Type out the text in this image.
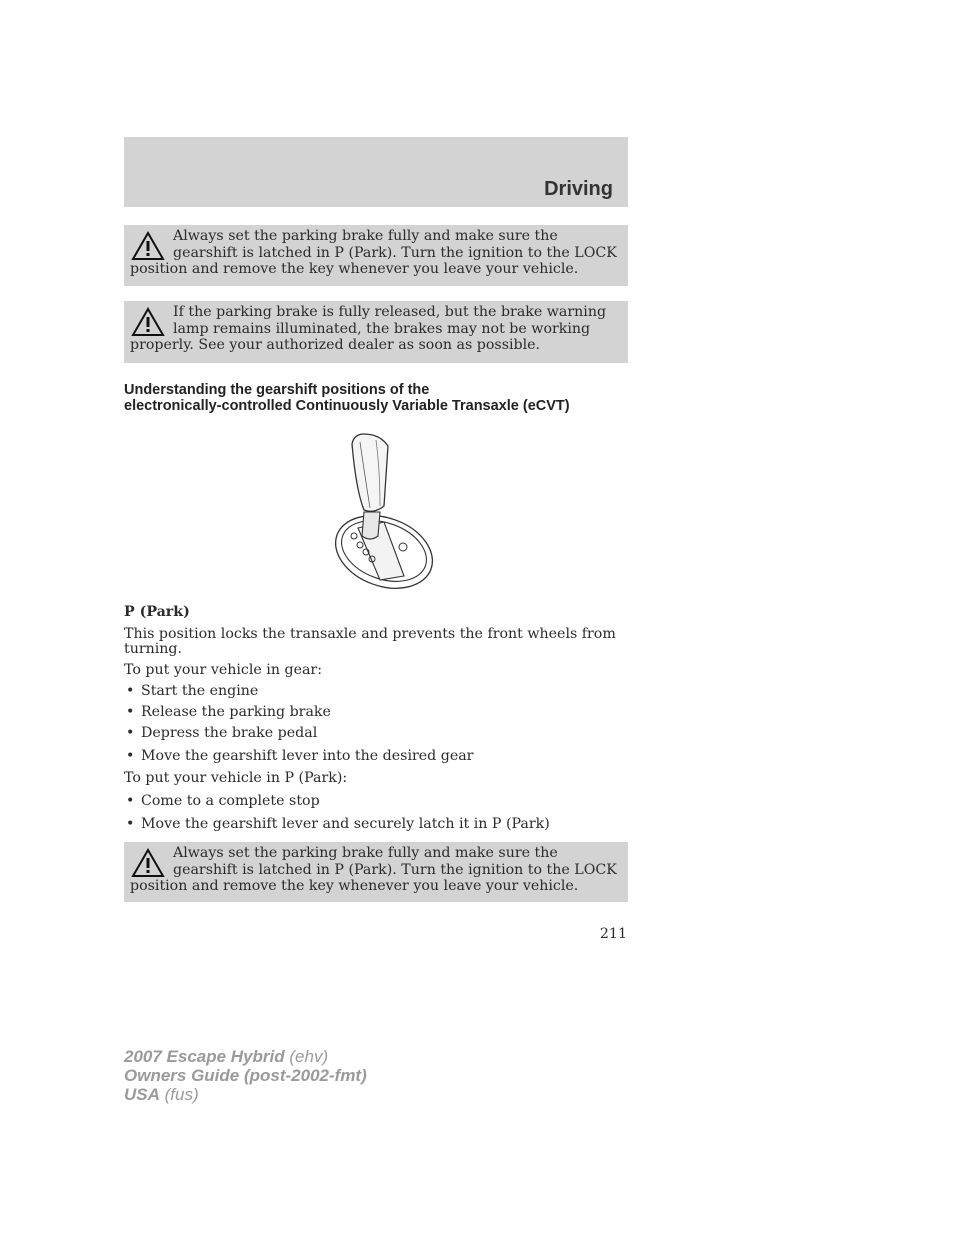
Driving
Always set the parking brake fully and make sure the gearshift is latched in P (Park). Turn the ignition to the LOCK position and remove the key whenever you leave your vehicle.
If the parking brake is fully released, but the brake warning lamp remains illuminated, the brakes may not be working properly. See your authorized dealer as soon as possible.
Understanding the gearshift positions of the
electronically-controlled Continuously Variable Transaxle (eCVT)
P (Park)
This position locks the transaxle and prevents the front wheels from turning.
To put your vehicle in gear:
• Start the engine
• Release the parking brake
• Depress the brake pedal
• Move the gearshift lever into the desired gear
To put your vehicle in P (Park):
• Come to a complete stop
• Move the gearshift lever and securely latch it in P (Park)
Always set the parking brake fully and make sure the gearshift is latched in P (Park). Turn the ignition to the LOCK position and remove the key whenever you leave your vehicle.
211
2007 Escape Hybrid (ehv)
Owners Guide (post-2002-fmt)
USA (fus)
